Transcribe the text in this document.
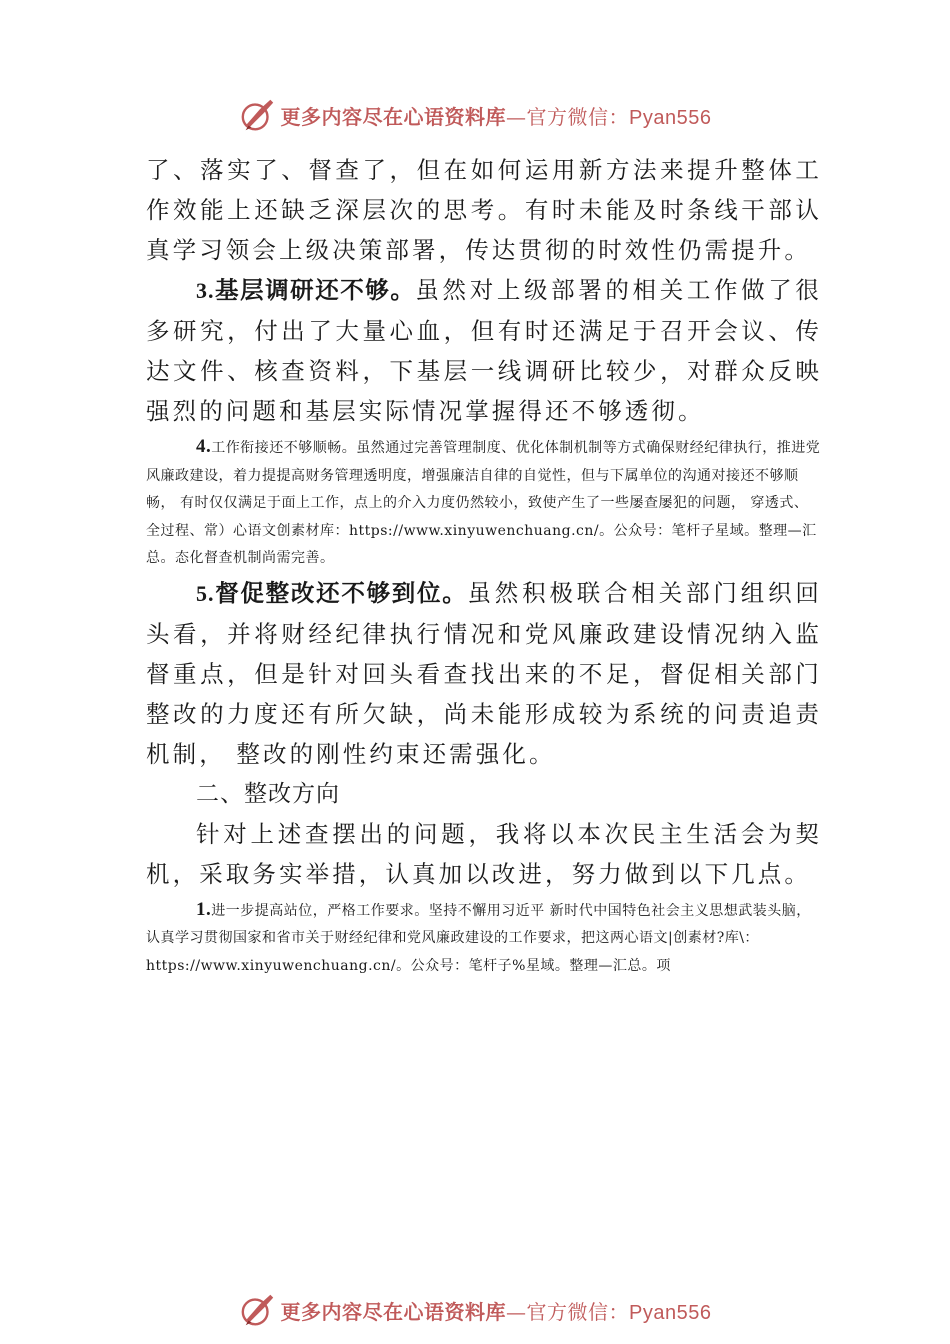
更多内容尽在心语资料库—官方微信：Pyan556

了、落实了、督查了，但在如何运用新方法来提升整体工作效能上还缺乏深层次的思考。有时未能及时条线干部认真学习领会上级决策部署，传达贯彻的时效性仍需提升。

3.基层调研还不够。虽然对上级部署的相关工作做了很多研究，付出了大量心血，但有时还满足于召开会议、传达文件、核查资料，下基层一线调研比较少，对群众反映强烈的问题和基层实际情况掌握得还不够透彻。

4.工作衔接还不够顺畅。虽然通过完善管理制度、优化体制机制等方式确保财经纪律执行，推进党风廉政建设，着力提提高财务管理透明度，增强廉洁自律的自觉性，但与下属单位的沟通对接还不够顺畅， 有时仅仅满足于面上工作，点上的介入力度仍然较小，致使产生了一些屡查屡犯的问题， 穿透式、全过程、常）心语文创素材库：https://www.xinyuwenchuang.cn/。公众号：笔杆子星域。整理—汇总。态化督查机制尚需完善。

5.督促整改还不够到位。虽然积极联合相关部门组织回头看，并将财经纪律执行情况和党风廉政建设情况纳入监督重点，但是针对回头看查找出来的不足，督促相关部门整改的力度还有所欠缺，尚未能形成较为系统的问责追责机制， 整改的刚性约束还需强化。

二、整改方向

针对上述查摆出的问题，我将以本次民主生活会为契机，采取务实举措，认真加以改进，努力做到以下几点。

1.进一步提高站位，严格工作要求。坚持不懈用习近平 新时代中国特色社会主义思想武装头脑，认真学习贯彻国家和省市关于财经纪律和党风廉政建设的工作要求，把这两心语文|创素材?库\：https://www.xinyuwenchuang.cn/。公众号：笔杆子%星域。整理—汇总。项

更多内容尽在心语资料库—官方微信：Pyan556
